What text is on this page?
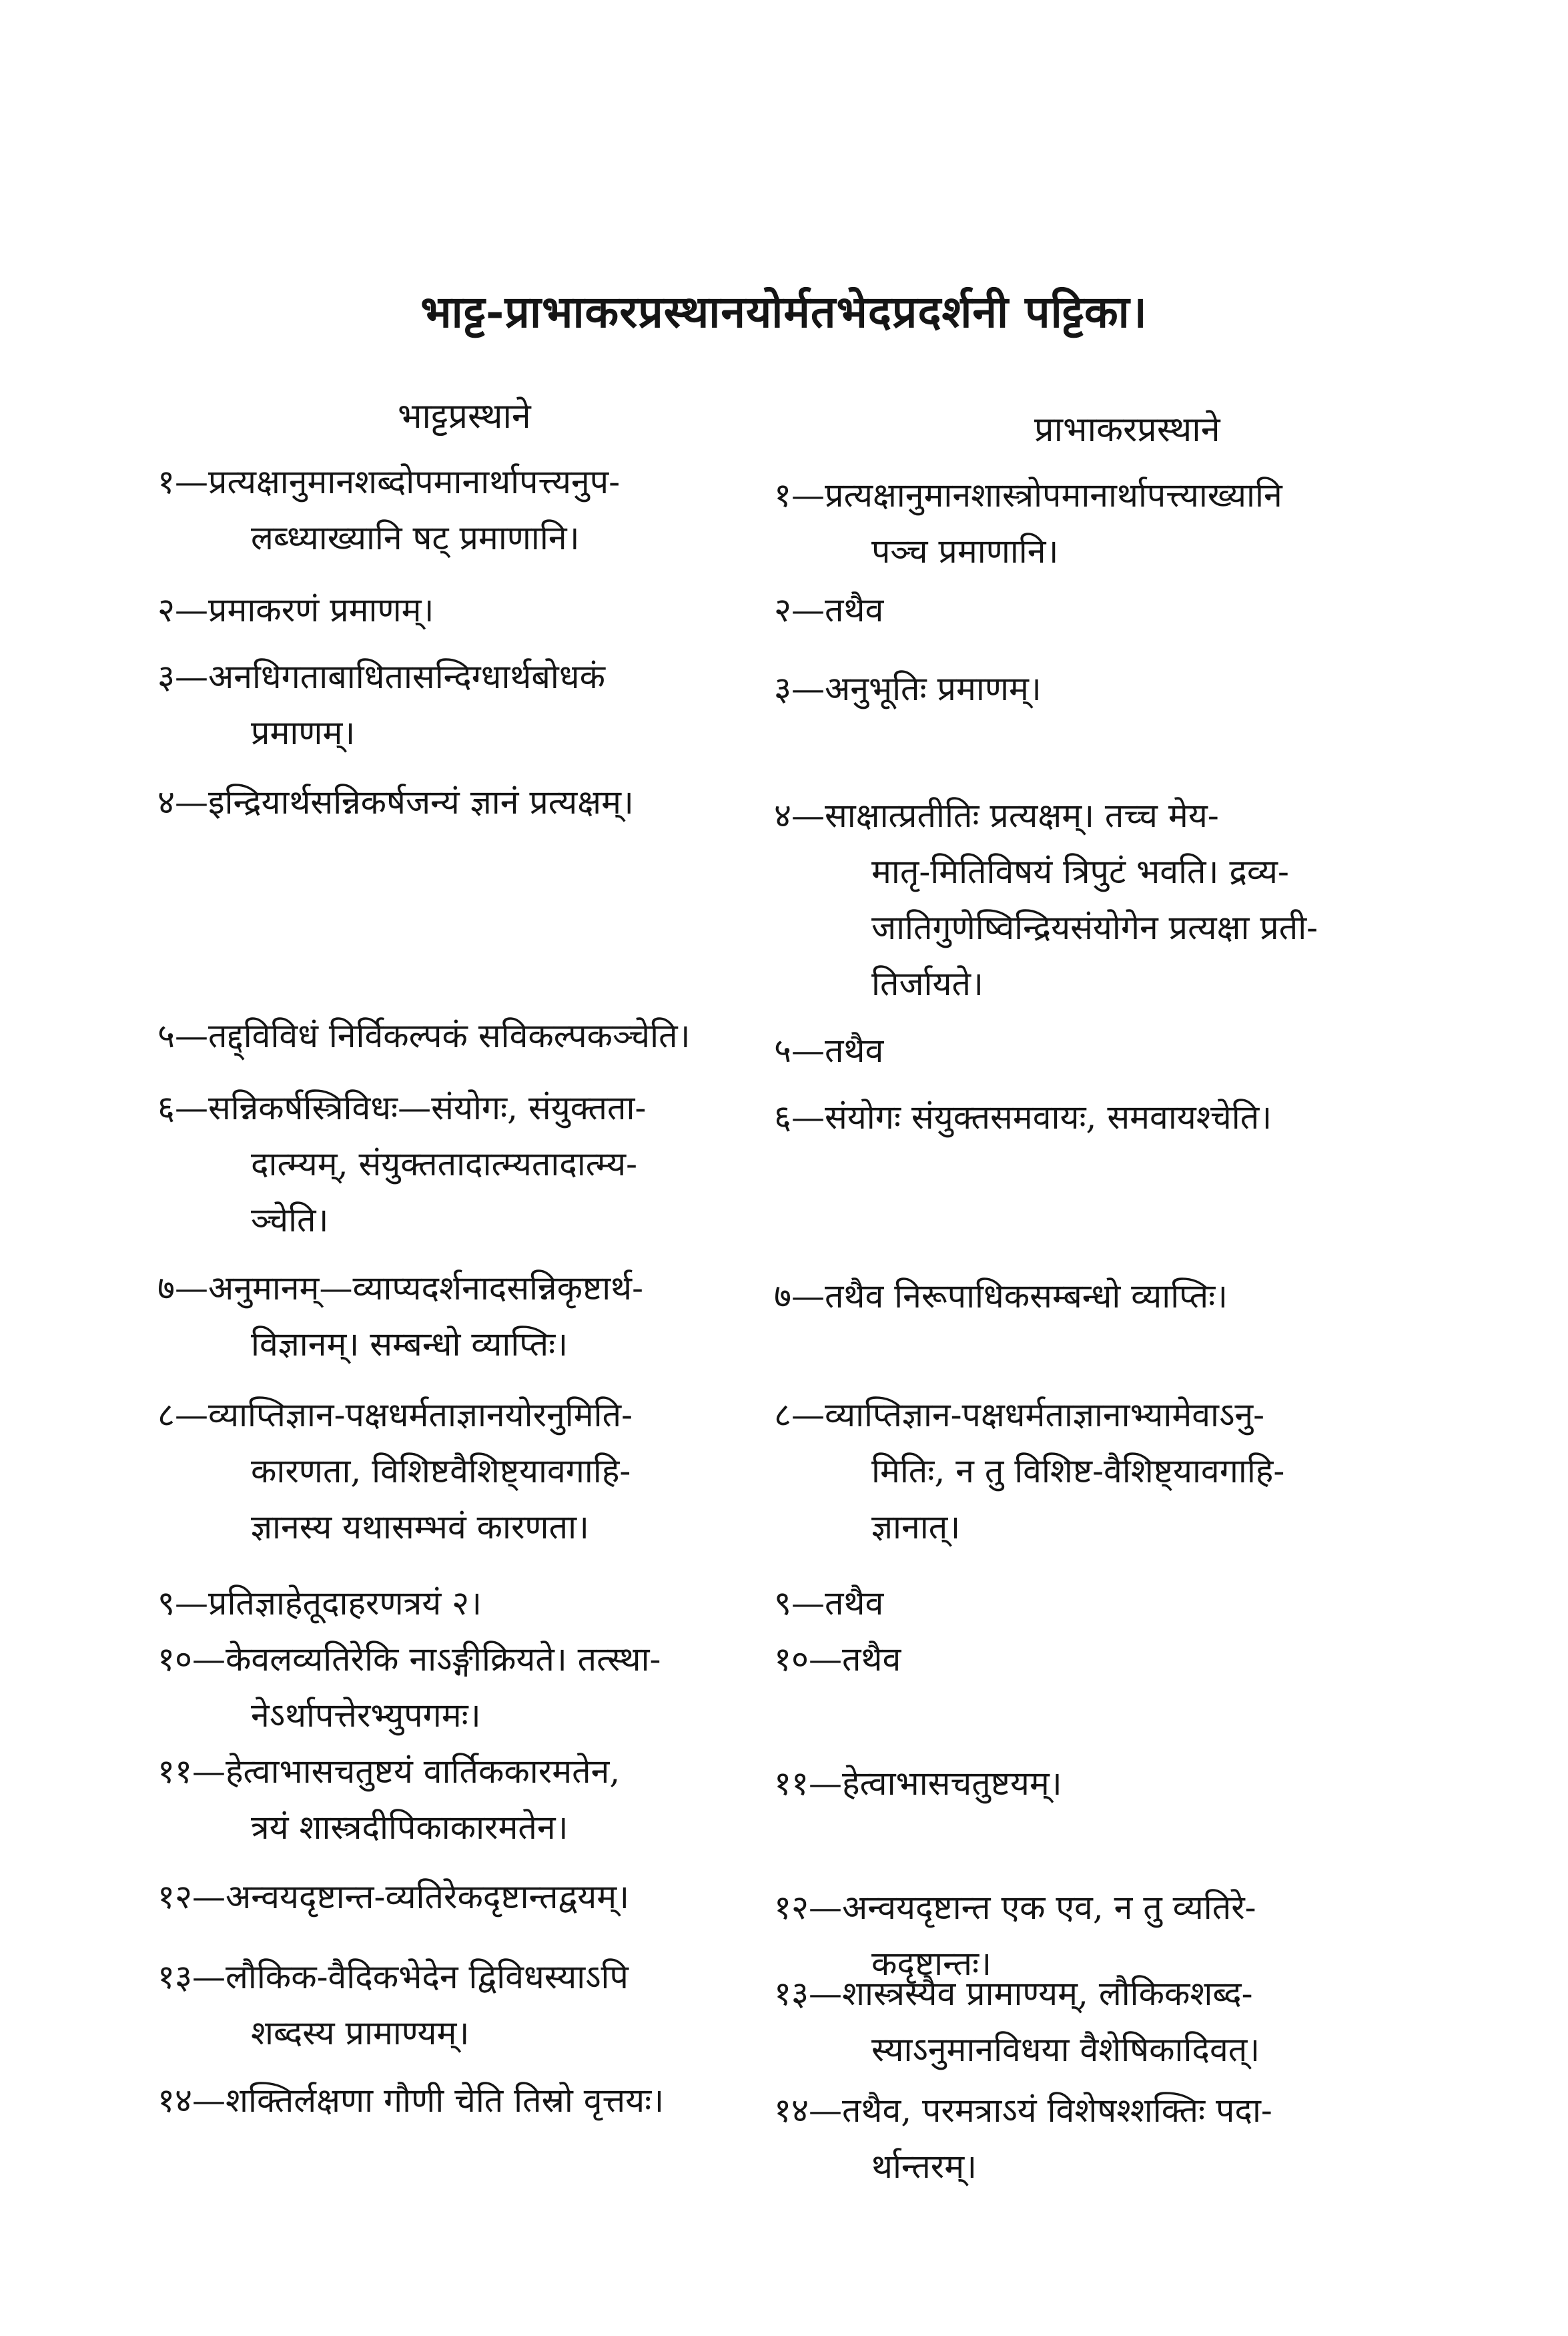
भाट्ट-प्राभाकरप्रस्थानयोर्मतभेदप्रदर्शनी पट्टिका।
भाट्टप्रस्थाने	प्राभाकरप्रस्थाने
१—प्रत्यक्षानुमानशब्दोपमानार्थापत्त्यनुप-
लब्ध्याख्यानि षट् प्रमाणानि।
२—प्रमाकरणं प्रमाणम्।
३—अनधिगताबाधितासन्दिग्धार्थबोधकं
प्रमाणम्।
४—इन्द्रियार्थसन्निकर्षजन्यं ज्ञानं प्रत्यक्षम्।
५—तद्द्विविधं निर्विकल्पकं सविकल्पकञ्चेति।
६—सन्निकर्षस्त्रिविधः—संयोगः, संयुक्तता-
दात्म्यम्, संयुक्ततादात्म्यतादात्म्य-
ञ्चेति।
७—अनुमानम्—व्याप्यदर्शनादसन्निकृष्टार्थ-
विज्ञानम्। सम्बन्धो व्याप्तिः।
८—व्याप्तिज्ञान-पक्षधर्मताज्ञानयोरनुमिति-
कारणता, विशिष्टवैशिष्ट्यावगाहि-
ज्ञानस्य यथासम्भवं कारणता।
९—प्रतिज्ञाहेतूदाहरणत्रयं २।
१०—केवलव्यतिरेकि नाऽङ्गीक्रियते। तत्स्था-
नेऽर्थापत्तेरभ्युपगमः।
११—हेत्वाभासचतुष्टयं वार्तिककारमतेन,
त्रयं शास्त्रदीपिकाकारमतेन।
१२—अन्वयदृष्टान्त-व्यतिरेकदृष्टान्तद्वयम्।
१३—लौकिक-वैदिकभेदेन द्विविधस्याऽपि
शब्दस्य प्रामाण्यम्।
१४—शक्तिर्लक्षणा गौणी चेति तिस्रो वृत्तयः।
१—प्रत्यक्षानुमानशास्त्रोपमानार्थापत्त्याख्यानि
पञ्च प्रमाणानि।
२—तथैव
३—अनुभूतिः प्रमाणम्।
४—साक्षात्प्रतीतिः प्रत्यक्षम्। तच्च मेय-
मातृ-मितिविषयं त्रिपुटं भवति। द्रव्य-
जातिगुणेष्विन्द्रियसंयोगेन प्रत्यक्षा प्रती-
तिर्जायते।
५—तथैव
६—संयोगः संयुक्तसमवायः, समवायश्चेति।
७—तथैव निरूपाधिकसम्बन्धो व्याप्तिः।
८—व्याप्तिज्ञान-पक्षधर्मताज्ञानाभ्यामेवाऽनु-
मितिः, न तु विशिष्ट-वैशिष्ट्यावगाहि-
ज्ञानात्।
९—तथैव
१०—तथैव
११—हेत्वाभासचतुष्टयम्।
१२—अन्वयदृष्टान्त एक एव, न तु व्यतिरे-
कदृष्टान्तः।
१३—शास्त्रस्यैव प्रामाण्यम्, लौकिकशब्द-
स्याऽनुमानविधया वैशेषिकादिवत्।
१४—तथैव, परमत्राऽयं विशेषश्शक्तिः पदा-
र्थान्तरम्।
